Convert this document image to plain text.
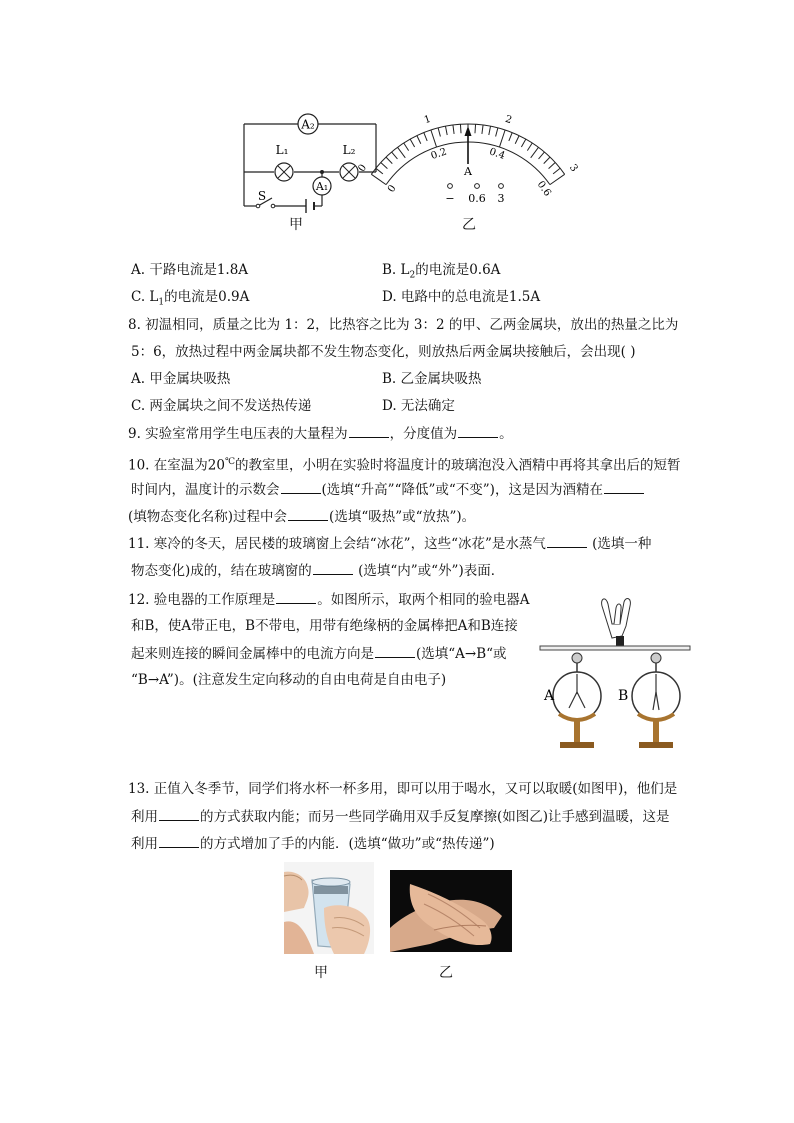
A₂
A₁
L₁	L₂
S
甲
0
1	2
3
0
0.2	0.4
0.6
A
− 0.6 3
乙
A. 干路电流是1.8A	B. $L_2$的电流是0.6A
C. $L_1$的电流是0.9A	D. 电路中的总电流是1.5A
8. 初温相同，质量之比为 1：2，比热容之比为 3：2 的甲、乙两金属块，放出的热量之比为
5：6，放热过程中两金属块都不发生物态变化，则放热后两金属块接触后，会出现( )
A. 甲金属块吸热	B. 乙金属块吸热
C. 两金属块之间不发送热传递	D. 无法确定
9. 实验室常用学生电压表的大量程为	，分度值为	。
10. 在室温为20℃的教室里，小明在实验时将温度计的玻璃泡没入酒精中再将其拿出后的短暂
时间内，温度计的示数会	(选填“升高”“降低”或“不变”)，这是因为酒精在
(填物态变化名称)过程中会	(选填“吸热”或“放热”)。
11. 寒冷的冬天，居民楼的玻璃窗上会结“冰花”，这些“冰花”是水蒸气	(选填一种
物态变化)成的，结在玻璃窗的	(选填“内”或“外”)表面．
12. 验电器的工作原理是	。如图所示，取两个相同的验电器A
和B，使A带正电，B不带电，用带有绝缘柄的金属棒把A和B连接
起来则连接的瞬间金属棒中的电流方向是	(选填“A→B“或
“B→A”)。(注意发生定向移动的自由电荷是自由电子)
A	B
13. 正值入冬季节，同学们将水杯一杯多用，即可以用于喝水，又可以取暖(如图甲)，他们是
利用	的方式获取内能；而另一些同学确用双手反复摩擦(如图乙)让手感到温暖，这是
利用	的方式增加了手的内能．(选填“做功”或“热传递”)
甲	乙
